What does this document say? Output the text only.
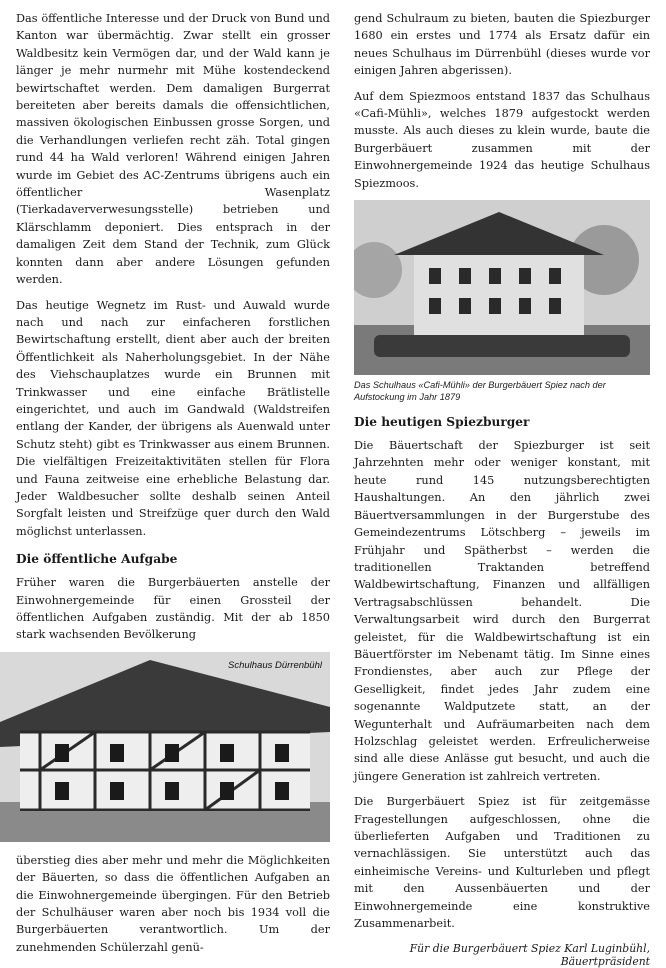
Das öffentliche Interesse und der Druck von Bund und Kanton war übermächtig. Zwar stellt ein grosser Waldbesitz kein Vermögen dar, und der Wald kann je länger je mehr nurmehr mit Mühe kostendeckend bewirtschaftet werden. Dem damaligen Burgerrat bereiteten aber bereits damals die offensichtlichen, massiven ökologischen Einbussen grosse Sorgen, und die Verhandlungen verliefen recht zäh. Total gingen rund 44 ha Wald verloren! Während einigen Jahren wurde im Gebiet des AC-Zentrums übrigens auch ein öffentlicher Wasenplatz (Tierkadaververwesungsstelle) betrieben und Klärschlamm deponiert. Dies entsprach in der damaligen Zeit dem Stand der Technik, zum Glück konnten dann aber andere Lösungen gefunden werden.

Das heutige Wegnetz im Rust- und Auwald wurde nach und nach zur einfacheren forstlichen Bewirtschaftung erstellt, dient aber auch der breiten Öffentlichkeit als Naherholungsgebiet. In der Nähe des Viehschauplatzes wurde ein Brunnen mit Trinkwasser und eine einfache Brätlistelle eingerichtet, und auch im Gandwald (Waldstreifen entlang der Kander, der übrigens als Auenwald unter Schutz steht) gibt es Trinkwasser aus einem Brunnen. Die vielfältigen Freizeitaktivitäten stellen für Flora und Fauna zeitweise eine erhebliche Belastung dar. Jeder Waldbesucher sollte deshalb seinen Anteil Sorgfalt leisten und Streifzüge quer durch den Wald möglichst unterlassen.

Die öffentliche Aufgabe

Früher waren die Burgerbäuerten anstelle der Einwohnergemeinde für einen Grossteil der öffentlichen Aufgaben zuständig. Mit der ab 1850 stark wachsenden Bevölkerung

Schulhaus Dürrenbühl

überstieg dies aber mehr und mehr die Möglichkeiten der Bäuerten, so dass die öffentlichen Aufgaben an die Einwohnergemeinde übergingen. Für den Betrieb der Schulhäuser waren aber noch bis 1934 voll die Burgerbäuerten verantwortlich. Um der zunehmenden Schülerzahl genü-

gend Schulraum zu bieten, bauten die Spiezburger 1680 ein erstes und 1774 als Ersatz dafür ein neues Schulhaus im Dürrenbühl (dieses wurde vor einigen Jahren abgerissen).

Auf dem Spiezmoos entstand 1837 das Schulhaus «Cafi-Mühli», welches 1879 aufgestockt werden musste. Als auch dieses zu klein wurde, baute die Burgerbäuert zusammen mit der Einwohnergemeinde 1924 das heutige Schulhaus Spiezmoos.

Das Schulhaus «Cafi-Mühli» der Burgerbäuert Spiez nach der Aufstockung im Jahr 1879
Die heutigen Spiezburger

Die Bäuertschaft der Spiezburger ist seit Jahrzehnten mehr oder weniger konstant, mit heute rund 145 nutzungsberechtigten Haushaltungen. An den jährlich zwei Bäuertversammlungen in der Burgerstube des Gemeindezentrums Lötschberg – jeweils im Frühjahr und Spätherbst – werden die traditionellen Traktanden betreffend Waldbewirtschaftung, Finanzen und allfälligen Vertragsabschlüssen behandelt. Die Verwaltungsarbeit wird durch den Burgerrat geleistet, für die Waldbewirtschaftung ist ein Bäuertförster im Nebenamt tätig. Im Sinne eines Frondienstes, aber auch zur Pflege der Geselligkeit, findet jedes Jahr zudem eine sogenannte Waldputzete statt, an der Wegunterhalt und Aufräumarbeiten nach dem Holzschlag geleistet werden. Erfreulicherweise sind alle diese Anlässe gut besucht, und auch die jüngere Generation ist zahlreich vertreten.

Die Burgerbäuert Spiez ist für zeitgemässe Fragestellungen aufgeschlossen, ohne die überlieferten Aufgaben und Traditionen zu vernachlässigen. Sie unterstützt auch das einheimische Vereins- und Kulturleben und pflegt mit den Aussenbäuerten und der Einwohnergemeinde eine konstruktive Zusammenarbeit.

Für die Burgerbäuert Spiez Karl Luginbühl, Bäuertpräsident
